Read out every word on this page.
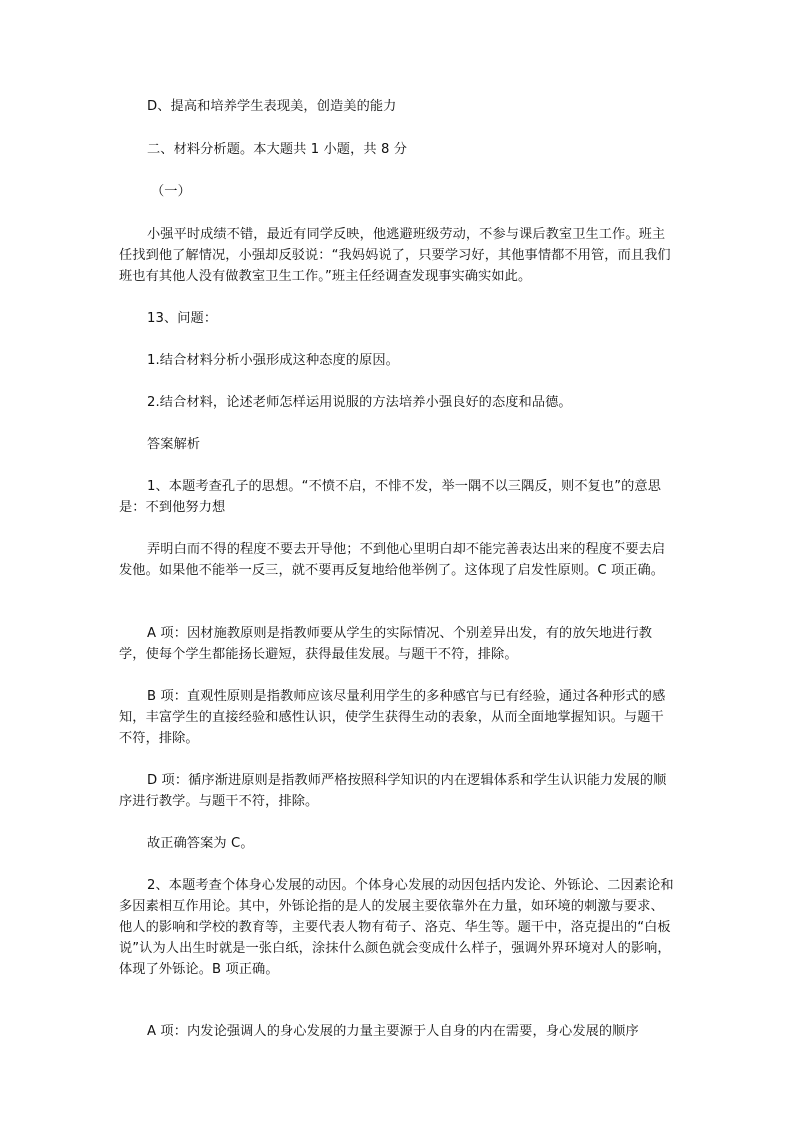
D、提高和培养学生表现美，创造美的能力

二、材料分析题。本大题共 1 小题，共 8 分

（一）

小强平时成绩不错，最近有同学反映，他逃避班级劳动，不参与课后教室卫生工作。班主任找到他了解情况，小强却反驳说：“我妈妈说了，只要学习好，其他事情都不用管，而且我们班也有其他人没有做教室卫生工作。”班主任经调查发现事实确实如此。

13、问题：

1.结合材料分析小强形成这种态度的原因。

2.结合材料，论述老师怎样运用说服的方法培养小强良好的态度和品德。

答案解析

1、本题考查孔子的思想。“不愤不启，不悱不发，举一隅不以三隅反，则不复也”的意思是：不到他努力想

弄明白而不得的程度不要去开导他；不到他心里明白却不能完善表达出来的程度不要去启发他。如果他不能举一反三，就不要再反复地给他举例了。这体现了启发性原则。C 项正确。

A 项：因材施教原则是指教师要从学生的实际情况、个别差异出发，有的放矢地进行教学，使每个学生都能扬长避短，获得最佳发展。与题干不符，排除。

B 项：直观性原则是指教师应该尽量利用学生的多种感官与已有经验，通过各种形式的感知，丰富学生的直接经验和感性认识，使学生获得生动的表象，从而全面地掌握知识。与题干不符，排除。

D 项：循序渐进原则是指教师严格按照科学知识的内在逻辑体系和学生认识能力发展的顺序进行教学。与题干不符，排除。

故正确答案为 C。

2、本题考查个体身心发展的动因。个体身心发展的动因包括内发论、外铄论、二因素论和多因素相互作用论。其中，外铄论指的是人的发展主要依靠外在力量，如环境的刺激与要求、他人的影响和学校的教育等，主要代表人物有荀子、洛克、华生等。题干中，洛克提出的“白板说”认为人出生时就是一张白纸，涂抹什么颜色就会变成什么样子，强调外界环境对人的影响，体现了外铄论。B 项正确。

A 项：内发论强调人的身心发展的力量主要源于人自身的内在需要，身心发展的顺序
